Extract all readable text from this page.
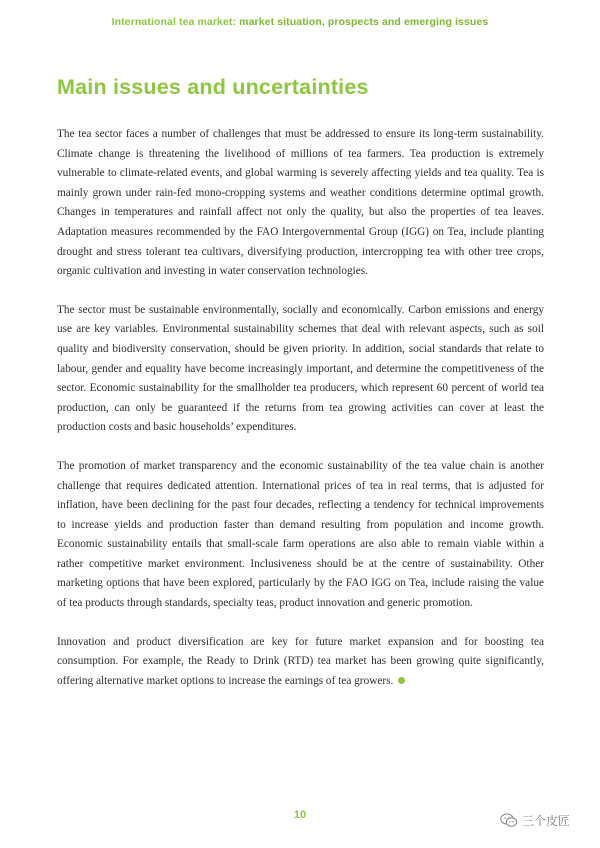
International tea market: market situation, prospects and emerging issues
Main issues and uncertainties

The tea sector faces a number of challenges that must be addressed to ensure its long-term sustainability. Climate change is threatening the livelihood of millions of tea farmers. Tea production is extremely vulnerable to climate-related events, and global warming is severely affecting yields and tea quality. Tea is mainly grown under rain-fed mono-cropping systems and weather conditions determine optimal growth. Changes in temperatures and rainfall affect not only the quality, but also the properties of tea leaves. Adaptation measures recommended by the FAO Intergovernmental Group (IGG) on Tea, include planting drought and stress tolerant tea cultivars, diversifying production, intercropping tea with other tree crops, organic cultivation and investing in water conservation technologies.

The sector must be sustainable environmentally, socially and economically. Carbon emissions and energy use are key variables. Environmental sustainability schemes that deal with relevant aspects, such as soil quality and biodiversity conservation, should be given priority. In addition, social standards that relate to labour, gender and equality have become increasingly important, and determine the competitiveness of the sector. Economic sustainability for the smallholder tea producers, which represent 60 percent of world tea production, can only be guaranteed if the returns from tea growing activities can cover at least the production costs and basic households’ expenditures.

The promotion of market transparency and the economic sustainability of the tea value chain is another challenge that requires dedicated attention. International prices of tea in real terms, that is adjusted for inflation, have been declining for the past four decades, reflecting a tendency for technical improvements to increase yields and production faster than demand resulting from population and income growth. Economic sustainability entails that small-scale farm operations are also able to remain viable within a rather competitive market environment. Inclusiveness should be at the centre of sustainability. Other marketing options that have been explored, particularly by the FAO IGG on Tea, include raising the value of tea products through standards, specialty teas, product innovation and generic promotion.

Innovation and product diversification are key for future market expansion and for boosting tea consumption. For example, the Ready to Drink (RTD) tea market has been growing quite significantly, offering alternative market options to increase the earnings of tea growers.

10	三个皮匠
